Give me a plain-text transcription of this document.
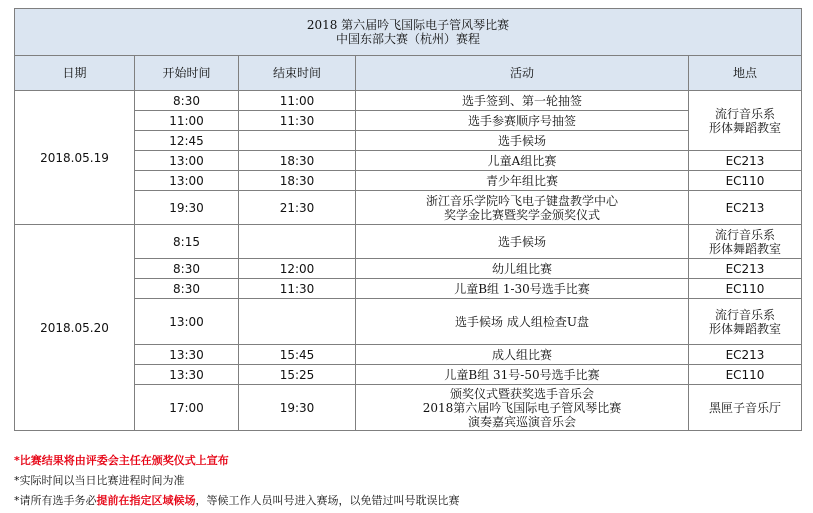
2018 第六届吟飞国际电子管风琴比赛
中国东部大赛（杭州）赛程				

日期	开始时间	结束时间	活动	地点
2018.05.19	8:30	11:00	选手签到、第一轮抽签	流行音乐系
形体舞蹈教室

	11:00	11:30	选手参赛顺序号抽签	

	12:45		选手候场	

	13:00	18:30	儿童A组比赛	EC213

	13:00	18:30	青少年组比赛	EC110

	19:30	21:30	浙江音乐学院吟飞电子键盘教学中心
奖学金比赛暨奖学金颁奖仪式	EC213

2018.05.20	8:15		选手候场	流行音乐系
形体舞蹈教室

	8:30	12:00	幼儿组比赛	EC213

	8:30	11:30	儿童B组 1-30号选手比赛	EC110

	13:00		选手候场 成人组检查U盘	流行音乐系
形体舞蹈教室

	13:30	15:45	成人组比赛	EC213

	13:30	15:25	儿童B组 31号-50号选手比赛	EC110

	17:00	19:30	颁奖仪式暨获奖选手音乐会
2018第六届吟飞国际电子管风琴比赛
演奏嘉宾巡演音乐会	黑匣子音乐厅
*比赛结果将由评委会主任在颁奖仪式上宣布
*实际时间以当日比赛进程时间为准
*请所有选手务必提前在指定区域候场，等候工作人员叫号进入赛场，以免错过叫号耽误比赛
